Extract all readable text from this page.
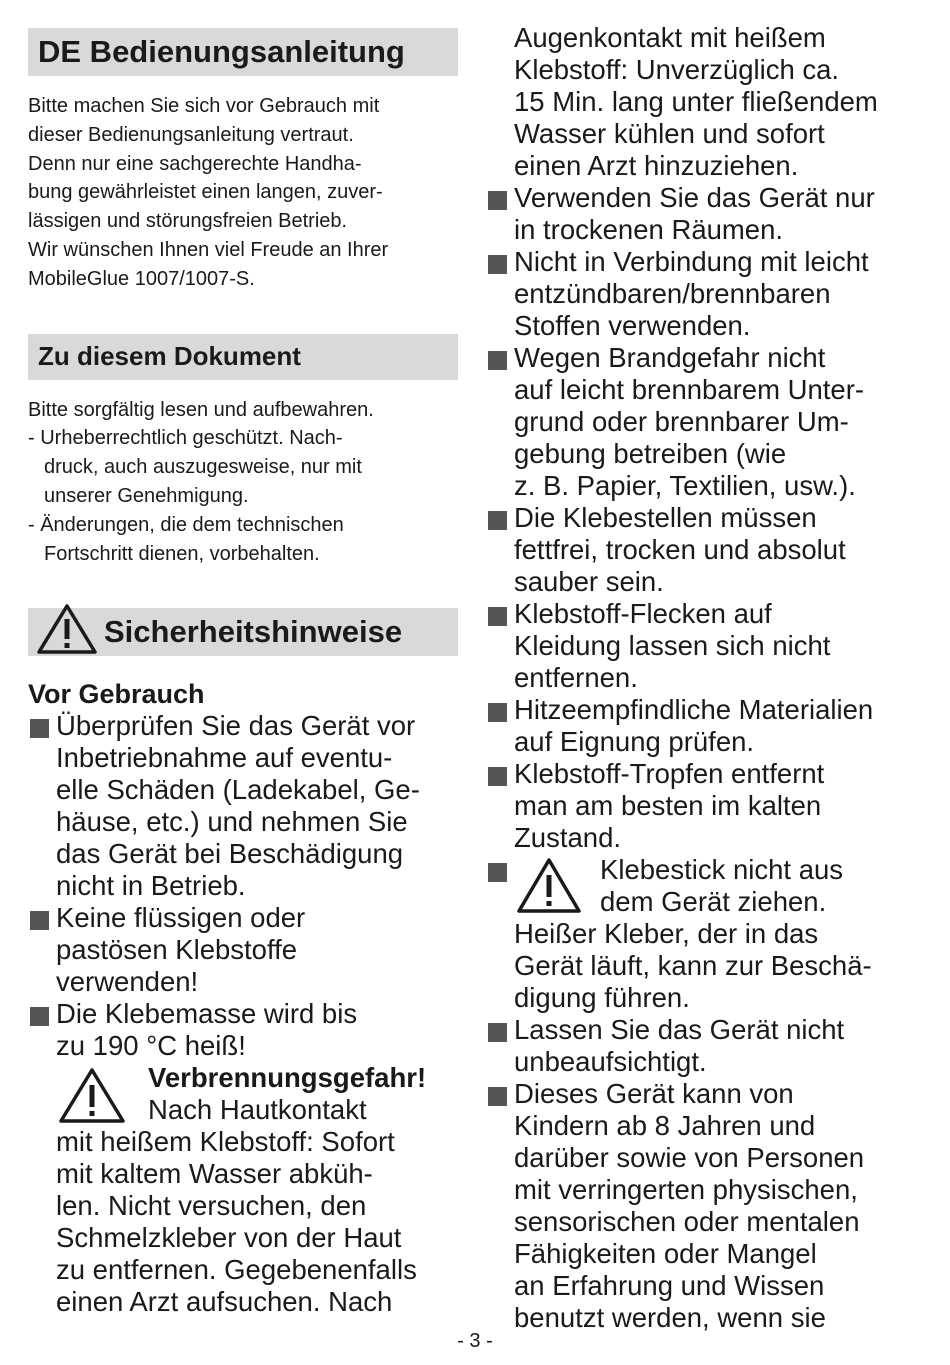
DE Bedienungsanleitung

Bitte machen Sie sich vor Gebrauch mit

dieser Bedienungsanleitung vertraut.

Denn nur eine sachgerechte Handha-

bung gewährleistet einen langen, zuver-

lässigen und störungsfreien Betrieb.

Wir wünschen Ihnen viel Freude an Ihrer

MobileGlue 1007/1007-S.

Zu diesem Dokument

Bitte sorgfältig lesen und aufbewahren.

- Urheberrechtlich geschützt. Nach-

druck, auch auszugesweise, nur mit

unserer Genehmigung.

- Änderungen, die dem technischen

Fortschritt dienen, vorbehalten.

Sicherheitshinweise
Vor Gebrauch
Überprüfen Sie das Gerät vor
Inbetriebnahme auf eventu-
elle Schäden (Ladekabel, Ge-
häuse, etc.) und nehmen Sie
das Gerät bei Beschädigung
nicht in Betrieb.
Keine flüssigen oder
pastösen Klebstoffe
verwenden!
Die Klebemasse wird bis
zu 190 °C heiß!
Verbrennungsgefahr!
Nach Hautkontakt
mit heißem Klebstoff: Sofort
mit kaltem Wasser abküh-
len. Nicht versuchen, den
Schmelzkleber von der Haut
zu entfernen. Gegebenenfalls
einen Arzt aufsuchen. Nach
Augenkontakt mit heißem
Klebstoff: Unverzüglich ca.
15 Min. lang unter fließendem
Wasser kühlen und sofort
einen Arzt hinzuziehen.
Verwenden Sie das Gerät nur
in trockenen Räumen.
Nicht in Verbindung mit leicht
entzündbaren/brennbaren
Stoffen verwenden.
Wegen Brandgefahr nicht
auf leicht brennbarem Unter-
grund oder brennbarer Um-
gebung betreiben (wie
z. B. Papier, Textilien, usw.).
Die Klebestellen müssen
fettfrei, trocken und absolut
sauber sein.
Klebstoff-Flecken auf
Kleidung lassen sich nicht
entfernen.
Hitzeempfindliche Materialien
auf Eignung prüfen.
Klebstoff-Tropfen entfernt
man am besten im kalten
Zustand.
Klebestick nicht aus
dem Gerät ziehen.
Heißer Kleber, der in das
Gerät läuft, kann zur Beschä-
digung führen.
Lassen Sie das Gerät nicht
unbeaufsichtigt.
Dieses Gerät kann von
Kindern ab 8 Jahren und
darüber sowie von Personen
mit verringerten physischen,
sensorischen oder mentalen
Fähigkeiten oder Mangel
an Erfahrung und Wissen
benutzt werden, wenn sie
- 3 -
